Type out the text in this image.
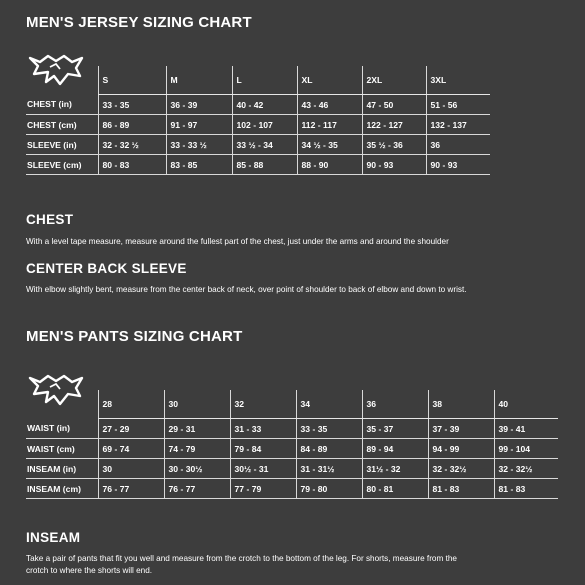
MEN'S JERSEY SIZING CHART
	S	M	L	XL	2XL	3XL
CHEST (in)	33 - 35	36 - 39	40 - 42	43 - 46	47 - 50	51 - 56
CHEST (cm)	86 - 89	91 - 97	102 - 107	112 - 117	122 - 127	132 - 137
SLEEVE (in)	32 - 32 ½	33 - 33 ½	33 ½ - 34	34 ½ - 35	35 ½ - 36	36
SLEEVE (cm)	80 - 83	83 - 85	85 - 88	88 - 90	90 - 93	90 - 93
CHEST

With a level tape measure, measure around the fullest part of the chest, just under the arms and around the shoulder

CENTER BACK SLEEVE

With elbow slightly bent, measure from the center back of neck, over point of shoulder to back of elbow and down to wrist.

MEN'S PANTS SIZING CHART
	28	30	32	34	36	38	40
WAIST (in)	27 - 29	29 - 31	31 - 33	33 - 35	35 - 37	37 - 39	39 - 41
WAIST (cm)	69 - 74	74 - 79	79 - 84	84 - 89	89 - 94	94 - 99	99 - 104
INSEAM (in)	30	30 - 30½	30½ - 31	31 - 31½	31½ - 32	32 - 32½	32 - 32½
INSEAM (cm)	76 - 77	76 - 77	77 - 79	79 - 80	80 - 81	81 - 83	81 - 83
INSEAM

Take a pair of pants that fit you well and measure from the crotch to the bottom of the leg. For shorts, measure from the

crotch to where the shorts will end.
